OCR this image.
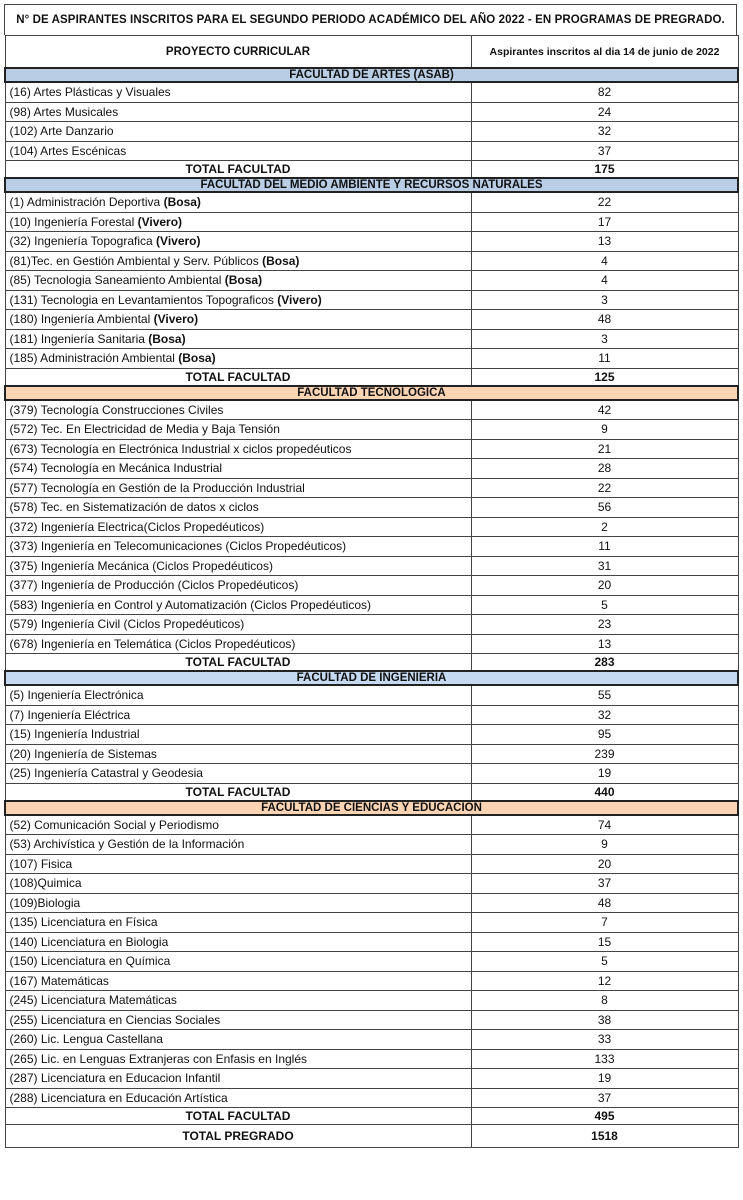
N° DE ASPIRANTES INSCRITOS PARA EL SEGUNDO PERIODO ACADÉMICO DEL AÑO 2022 - EN PROGRAMAS DE PREGRADO.
PROYECTO CURRICULAR	Aspirantes inscritos al dia 14 de junio de 2022
FACULTAD DE ARTES (ASAB)	
(16) Artes Plásticas y Visuales	82
(98) Artes Musicales	24
(102) Arte Danzario	32
(104) Artes Escénicas	37
TOTAL FACULTAD	175
FACULTAD DEL MEDIO AMBIENTE Y RECURSOS NATURALES	
(1) Administración Deportiva (Bosa)	22
(10) Ingeniería Forestal (Vivero)	17
(32) Ingeniería Topografica (Vivero)	13
(81)Tec. en Gestión Ambiental y Serv. Públicos (Bosa)	4
(85) Tecnologia Saneamiento Ambiental (Bosa)	4
(131) Tecnologia en Levantamientos Topograficos (Vivero)	3
(180) Ingeniería Ambiental (Vivero)	48
(181) Ingeniería Sanitaria (Bosa)	3
(185) Administración Ambiental (Bosa)	11
TOTAL FACULTAD	125
FACULTAD TECNOLOGICA	
(379) Tecnología Construcciones Civiles	42
(572) Tec. En Electricidad de Media y Baja Tensión	9
(673) Tecnología en Electrónica Industrial x ciclos propedéuticos	21
(574) Tecnología en Mecánica Industrial	28
(577) Tecnología en Gestión de la Producción Industrial	22
(578) Tec. en Sistematización de datos x ciclos	56
(372) Ingeniería Electrica(Ciclos Propedéuticos)	2
(373) Ingeniería en Telecomunicaciones (Ciclos Propedéuticos)	11
(375) Ingeniería Mecánica (Ciclos Propedéuticos)	31
(377) Ingeniería de Producción (Ciclos Propedéuticos)	20
(583) Ingeniería en Control y Automatización (Ciclos Propedéuticos)	5
(579) Ingeniería Civil (Ciclos Propedéuticos)	23
(678) Ingeniería en Telemática (Ciclos Propedéuticos)	13
TOTAL FACULTAD	283
FACULTAD DE INGENIERIA	
(5) Ingeniería Electrónica	55
(7) Ingeniería Eléctrica	32
(15) Ingeniería Industrial	95
(20) Ingeniería de Sistemas	239
(25) Ingeniería Catastral y Geodesia	19
TOTAL FACULTAD	440
FACULTAD DE CIENCIAS Y EDUCACION	
(52) Comunicación Social y Periodismo	74
(53) Archivística y Gestión de la Información	9
(107) Fisica	20
(108)Quimica	37
(109)Biologia	48
(135) Licenciatura en Física	7
(140) Licenciatura en Biologia	15
(150) Licenciatura en Química	5
(167) Matemáticas	12
(245) Licenciatura Matemáticas	8
(255) Licenciatura en Ciencias Sociales	38
(260) Lic. Lengua Castellana	33
(265) Lic. en Lenguas Extranjeras con Enfasis en Inglés	133
(287) Licenciatura en Educacion Infantil	19
(288) Licenciatura en Educación Artística	37
TOTAL FACULTAD	495
TOTAL PREGRADO	1518
